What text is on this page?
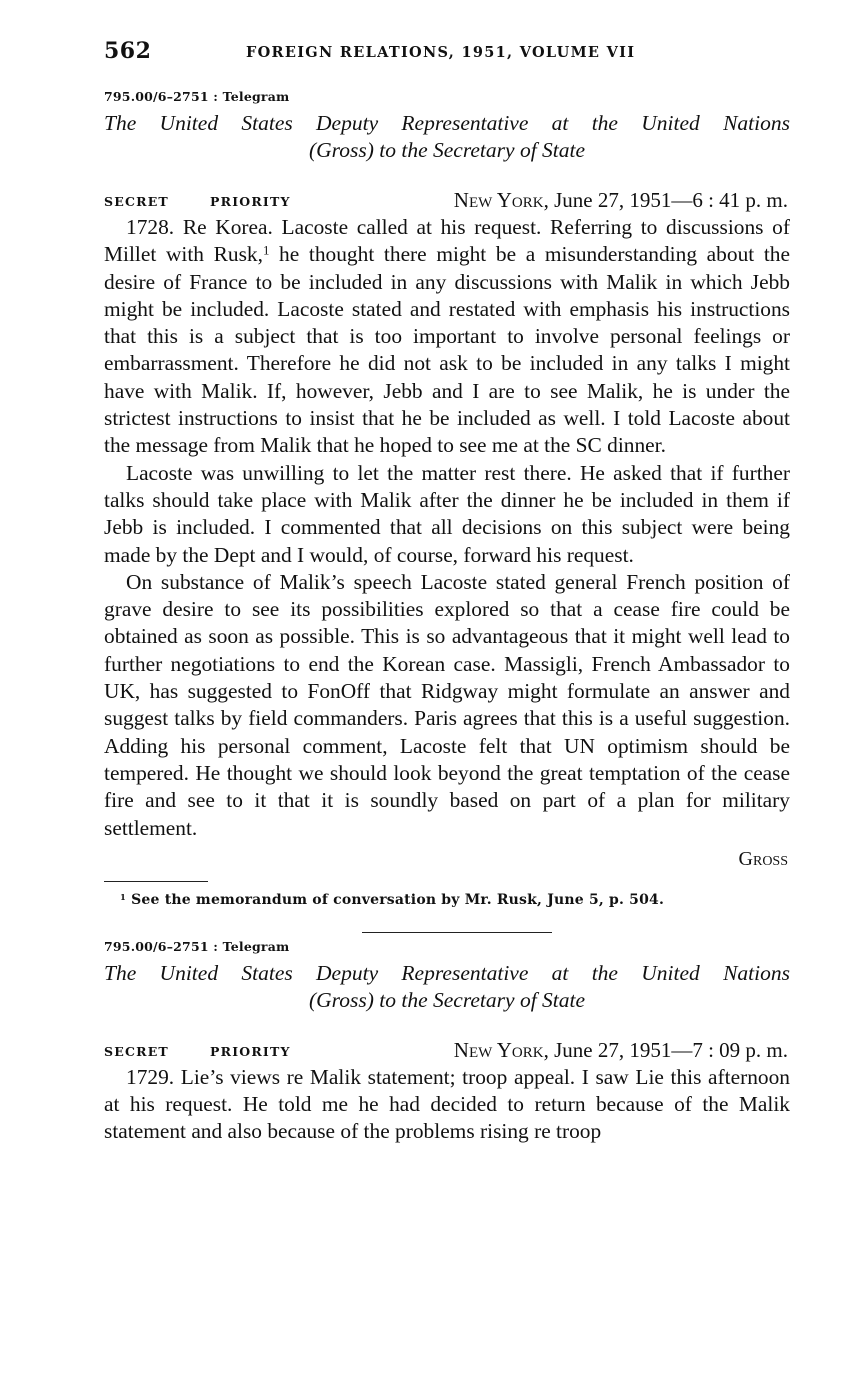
562	FOREIGN RELATIONS, 1951, VOLUME VII
795.00/6–2751 : Telegram
The United States Deputy Representative at the United Nations
(Gross) to the Secretary of State
SECRET	PRIORITY	New York, June 27, 1951—6 : 41 p. m.

1728. Re Korea. Lacoste called at his request. Referring to discussions of Millet with Rusk,$^1$ he thought there might be a misunderstanding about the desire of France to be included in any discussions with Malik in which Jebb might be included. Lacoste stated and restated with emphasis his instructions that this is a subject that is too important to involve personal feelings or embarrassment. Therefore he did not ask to be included in any talks I might have with Malik. If, however, Jebb and I are to see Malik, he is under the strictest instructions to insist that he be included as well. I told Lacoste about the message from Malik that he hoped to see me at the SC dinner.

Lacoste was unwilling to let the matter rest there. He asked that if further talks should take place with Malik after the dinner he be included in them if Jebb is included. I commented that all decisions on this subject were being made by the Dept and I would, of course, forward his request.

On substance of Malik’s speech Lacoste stated general French position of grave desire to see its possibilities explored so that a cease fire could be obtained as soon as possible. This is so advantageous that it might well lead to further negotiations to end the Korean case. Massigli, French Ambassador to UK, has suggested to FonOff that Ridgway might formulate an answer and suggest talks by field commanders. Paris agrees that this is a useful suggestion. Adding his personal comment, Lacoste felt that UN optimism should be tempered. He thought we should look beyond the great temptation of the cease fire and see to it that it is soundly based on part of a plan for military settlement.

Gross
$^1$ See the memorandum of conversation by Mr. Rusk, June 5, p. 504.
795.00/6–2751 : Telegram
The United States Deputy Representative at the United Nations
(Gross) to the Secretary of State
SECRET	PRIORITY	New York, June 27, 1951—7 : 09 p. m.

1729. Lie’s views re Malik statement; troop appeal. I saw Lie this afternoon at his request. He told me he had decided to return because of the Malik statement and also because of the problems rising re troop
